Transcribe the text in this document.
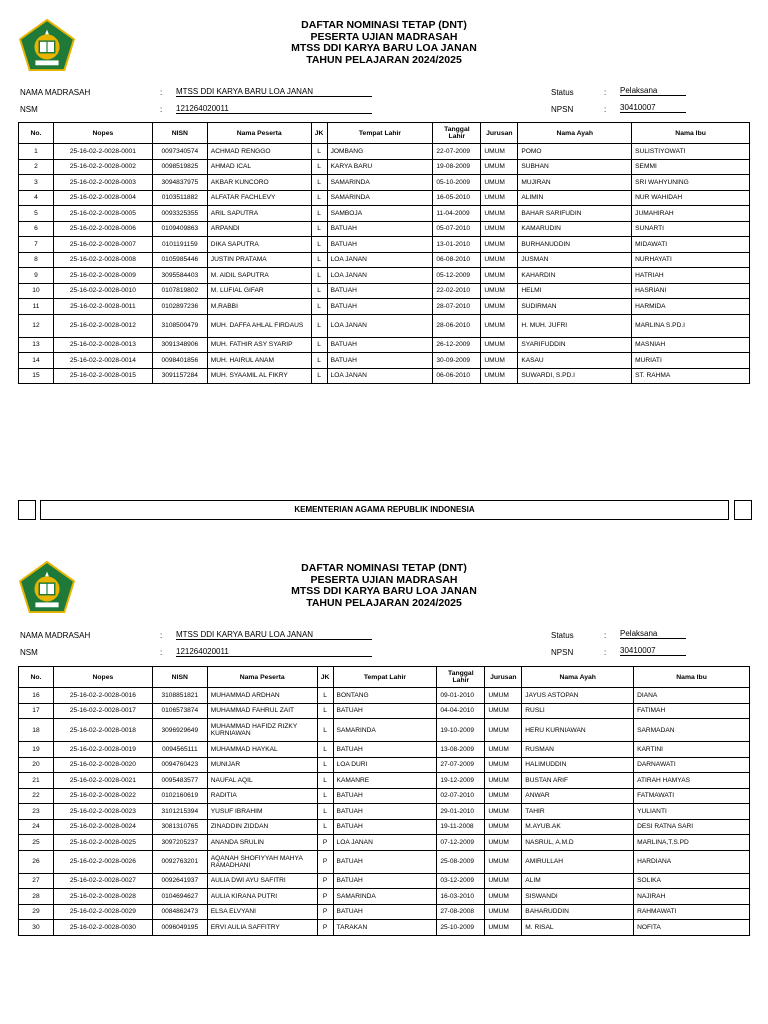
DAFTAR NOMINASI TETAP (DNT)
PESERTA UJIAN MADRASAH
MTSS DDI KARYA BARU LOA JANAN
TAHUN PELAJARAN 2024/2025
NAMA MADRASAH	: MTSS DDI KARYA BARU LOA JANAN
NSM	: 121264020011
Status	: Pelaksana
NPSN	: 30410007
No.	Nopes	NISN	Nama Peserta	JK	Tempat Lahir	Tanggal Lahir	Jurusan	Nama Ayah	Nama Ibu
1	25-16-02-2-0028-0001	0097340574	ACHMAD RENGGO	L	JOMBANG	22-07-2009	UMUM	POMO	SULISTIYOWATI
2	25-16-02-2-0028-0002	0098519825	AHMAD ICAL	L	KARYA BARU	19-08-2009	UMUM	SUBHAN	SEMMI
3	25-16-02-2-0028-0003	3094837975	AKBAR KUNCORO	L	SAMARINDA	05-10-2009	UMUM	MUJIRAN	SRI WAHYUNING
4	25-16-02-2-0028-0004	0103511882	ALFATAR FACHLEVY	L	SAMARINDA	16-05-2010	UMUM	ALIMIN	NUR WAHIDAH
5	25-16-02-2-0028-0005	0093325355	ARIL SAPUTRA	L	SAMBOJA	11-04-2009	UMUM	BAHAR SARIFUDIN	JUMAHIRAH
6	25-16-02-2-0028-0006	0109409863	ARPANDI	L	BATUAH	05-07-2010	UMUM	KAMARUDIN	SUNARTI
7	25-16-02-2-0028-0007	0101191159	DIKA SAPUTRA	L	BATUAH	13-01-2010	UMUM	BURHANUDDIN	MIDAWATI
8	25-16-02-2-0028-0008	0105985446	JUSTIN PRATAMA	L	LOA JANAN	06-08-2010	UMUM	JUSMAN	NURHAYATI
9	25-16-02-2-0028-0009	3095584403	M. AIDIL SAPUTRA	L	LOA JANAN	05-12-2009	UMUM	KAHARDIN	HATRIAH
10	25-16-02-2-0028-0010	0107819802	M. LUFIAL GIFAR	L	BATUAH	22-02-2010	UMUM	HELMI	HASRIANI
11	25-16-02-2-0028-0011	0102897236	M.RABBI	L	BATUAH	28-07-2010	UMUM	SUDIRMAN	HARMIDA
12	25-16-02-2-0028-0012	3108500479	MUH. DAFFA AHLAL FIRDAUS	L	LOA JANAN	28-06-2010	UMUM	H. MUH. JUFRI	MARLINA S.PD.I
13	25-16-02-2-0028-0013	3091348906	MUH. FATHIR ASY SYARIP	L	BATUAH	26-12-2009	UMUM	SYARIFUDDIN	MASNIAH
14	25-16-02-2-0028-0014	0098401856	MUH. HAIRUL ANAM	L	BATUAH	30-09-2009	UMUM	KASAU	MURIATI
15	25-16-02-2-0028-0015	3091157284	MUH. SYAAMIL AL FIKRY	L	LOA JANAN	06-06-2010	UMUM	SUWARDI, S.PD.I	ST. RAHMA
KEMENTERIAN AGAMA REPUBLIK INDONESIA
DAFTAR NOMINASI TETAP (DNT)
PESERTA UJIAN MADRASAH
MTSS DDI KARYA BARU LOA JANAN
TAHUN PELAJARAN 2024/2025
NAMA MADRASAH	: MTSS DDI KARYA BARU LOA JANAN
NSM	: 121264020011
Status	: Pelaksana
NPSN	: 30410007
No.	Nopes	NISN	Nama Peserta	JK	Tempat Lahir	Tanggal Lahir	Jurusan	Nama Ayah	Nama Ibu
16	25-16-02-2-0028-0016	3108851821	MUHAMMAD ARDHAN	L	BONTANG	09-01-2010	UMUM	JAYUS ASTOPAN	DIANA
17	25-16-02-2-0028-0017	0106573874	MUHAMMAD FAHRUL ZAIT	L	BATUAH	04-04-2010	UMUM	RUSLI	FATIMAH
18	25-16-02-2-0028-0018	3096929649	MUHAMMAD HAFIDZ RIZKY KURNIAWAN	L	SAMARINDA	19-10-2009	UMUM	HERU KURNIAWAN	SARMADAN
19	25-16-02-2-0028-0019	0094565111	MUHAMMAD HAYKAL	L	BATUAH	13-08-2009	UMUM	RUSMAN	KARTINI
20	25-16-02-2-0028-0020	0094760423	MUNIJAR	L	LOA DURI	27-07-2009	UMUM	HALIMUDDIN	DARNAWATI
21	25-16-02-2-0028-0021	0095483577	NAUFAL AQIL	L	KAMANRE	19-12-2009	UMUM	BUSTAN ARIF	ATIRAH HAMYAS
22	25-16-02-2-0028-0022	0102160619	RADITIA	L	BATUAH	02-07-2010	UMUM	ANWAR	FATMAWATI
23	25-16-02-2-0028-0023	3101215394	YUSUF IBRAHIM	L	BATUAH	29-01-2010	UMUM	TAHIR	YULIANTI
24	25-16-02-2-0028-0024	3081310765	ZINADDIN ZIDDAN	L	BATUAH	19-11-2008	UMUM	M.AYUB.AK	DESI RATNA SARI
25	25-16-02-2-0028-0025	3097205237	ANANDA SRULIN	P	LOA JANAN	07-12-2009	UMUM	NASRUL, A.M.D	MARLINA,T.S.PD
26	25-16-02-2-0028-0026	0092763201	AQANAH SHOFIYYAH MAHYA RAMADHANI	P	BATUAH	25-08-2009	UMUM	AMIRULLAH	HARDIANA
27	25-16-02-2-0028-0027	0092641937	AULIA DWI AYU SAFITRI	P	BATUAH	03-12-2009	UMUM	ALIM	SOLIKA
28	25-16-02-2-0028-0028	0104694627	AULIA KIRANA PUTRI	P	SAMARINDA	16-03-2010	UMUM	SISWANDI	NAJIRAH
29	25-16-02-2-0028-0029	0084862473	ELSA ELVYANI	P	BATUAH	27-08-2008	UMUM	BAHARUDDIN	RAHMAWATI
30	25-16-02-2-0028-0030	0096049195	ERVI AULIA SAFFITRY	P	TARAKAN	25-10-2009	UMUM	M. RISAL	NOFITA
